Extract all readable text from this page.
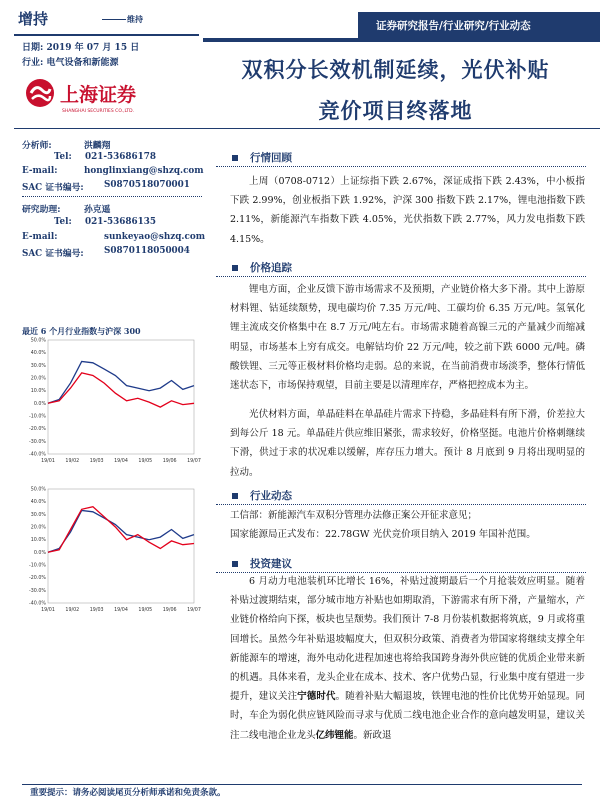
增持	维持
证券研究报告/行业研究/行业动态
日期: 2019 年 07 月 15 日
行业: 电气设备和新能源
上海证券
SHANGHAI SECURITIES CO.,LTD.
双积分长效机制延续，光伏补贴
竞价项目终落地
分析师:	洪麟翔
Tel: 021-53686178
E-mail:	honglinxiang@shzq.com
SAC 证书编号: S0870518070001
研究助理:	孙克遥
Tel: 021-53686135
E-mail:	sunkeyao@shzq.com
SAC 证书编号: S0870118050004
最近 6 个月行业指数与沪深 300
50.0%
40.0%
30.0%
20.0%
10.0%
0.0%
-10.0%
-20.0%
-30.0%
-40.0%
19/01 19/02 19/03 19/04 19/05 19/06 19/07
50.0%
40.0%
30.0%
20.0%
10.0%
0.0%
-10.0%
-20.0%
-30.0%
-40.0%
19/01 19/02 19/03 19/04 19/05 19/06 19/07
行情回顾
上周（0708-0712）上证综指下跌 2.67%，深证成指下跌 2.43%，中小板指下跌 2.99%，创业板指下跌 1.92%，沪深 300 指数下跌 2.17%，锂电池指数下跌 2.11%，新能源汽车指数下跌 4.05%，光伏指数下跌 2.77%，风力发电指数下跌 4.15%。
价格追踪
锂电方面，企业反馈下游市场需求不及预期，产业链价格大多下滑。其中上游原材料锂、钴延续颓势，现电碳均价 7.35 万元/吨、工碳均价 6.35 万元/吨。氢氧化锂主流成交价格集中在 8.7 万元/吨左右。市场需求随着高镍三元的产量减少而缩减明显，市场基本上穷有成交。电解钴均价 22 万元/吨，较之前下跌 6000 元/吨。磷酸铁锂、三元等正极材料价格均走弱。总的来说，在当前消费市场淡季，整体行情低迷状态下，市场保持观望，目前主要是以清理库存，严格把控成本为主。
光伏材料方面，单晶硅料在单晶硅片需求下持稳，多晶硅料有所下滑，价差拉大到每公斤 18 元。单晶硅片供应维旧紧张，需求较好，价格坚挺。电池片价格刺继续下滑，供过于求的状况难以缓解，库存压力增大。预计 8 月底到 9 月将出现明显的拉动。
行业动态
工信部：新能源汽车双积分管理办法修正案公开征求意见；
国家能源局正式发布：22.78GW 光伏竞价项目纳入 2019 年国补范围。
投资建议
6 月动力电池装机环比增长 16%，补贴过渡期最后一个月抢装效应明显。随着补贴过渡期结束，部分城市地方补贴也如期取消，下游需求有所下滑，产量缩水，产业链价格给向下探，板块也呈颓势。我们预计 7-8 月份装机数据将筑底，9 月或将重回增长。虽然今年补贴退坡幅度大，但双积分政策、消费者为带国家将继续支撑全年新能源车的增速，海外电动化进程加速也将给我国跨身海外供应链的优质企业带来新的机遇。具体来看，龙头企业在成本、技术、客户优势凸显，行业集中度有望进一步提升，建议关注宁德时代。随着补贴大幅退坡，铁锂电池的性价比优势开始显现。同时，车企为弱化供应链风险而寻求与优质二线电池企业合作的意向越发明显，建议关注二线电池企业龙头亿纬锂能。新政退
重要提示：请务必阅读尾页分析师承诺和免责条款。
